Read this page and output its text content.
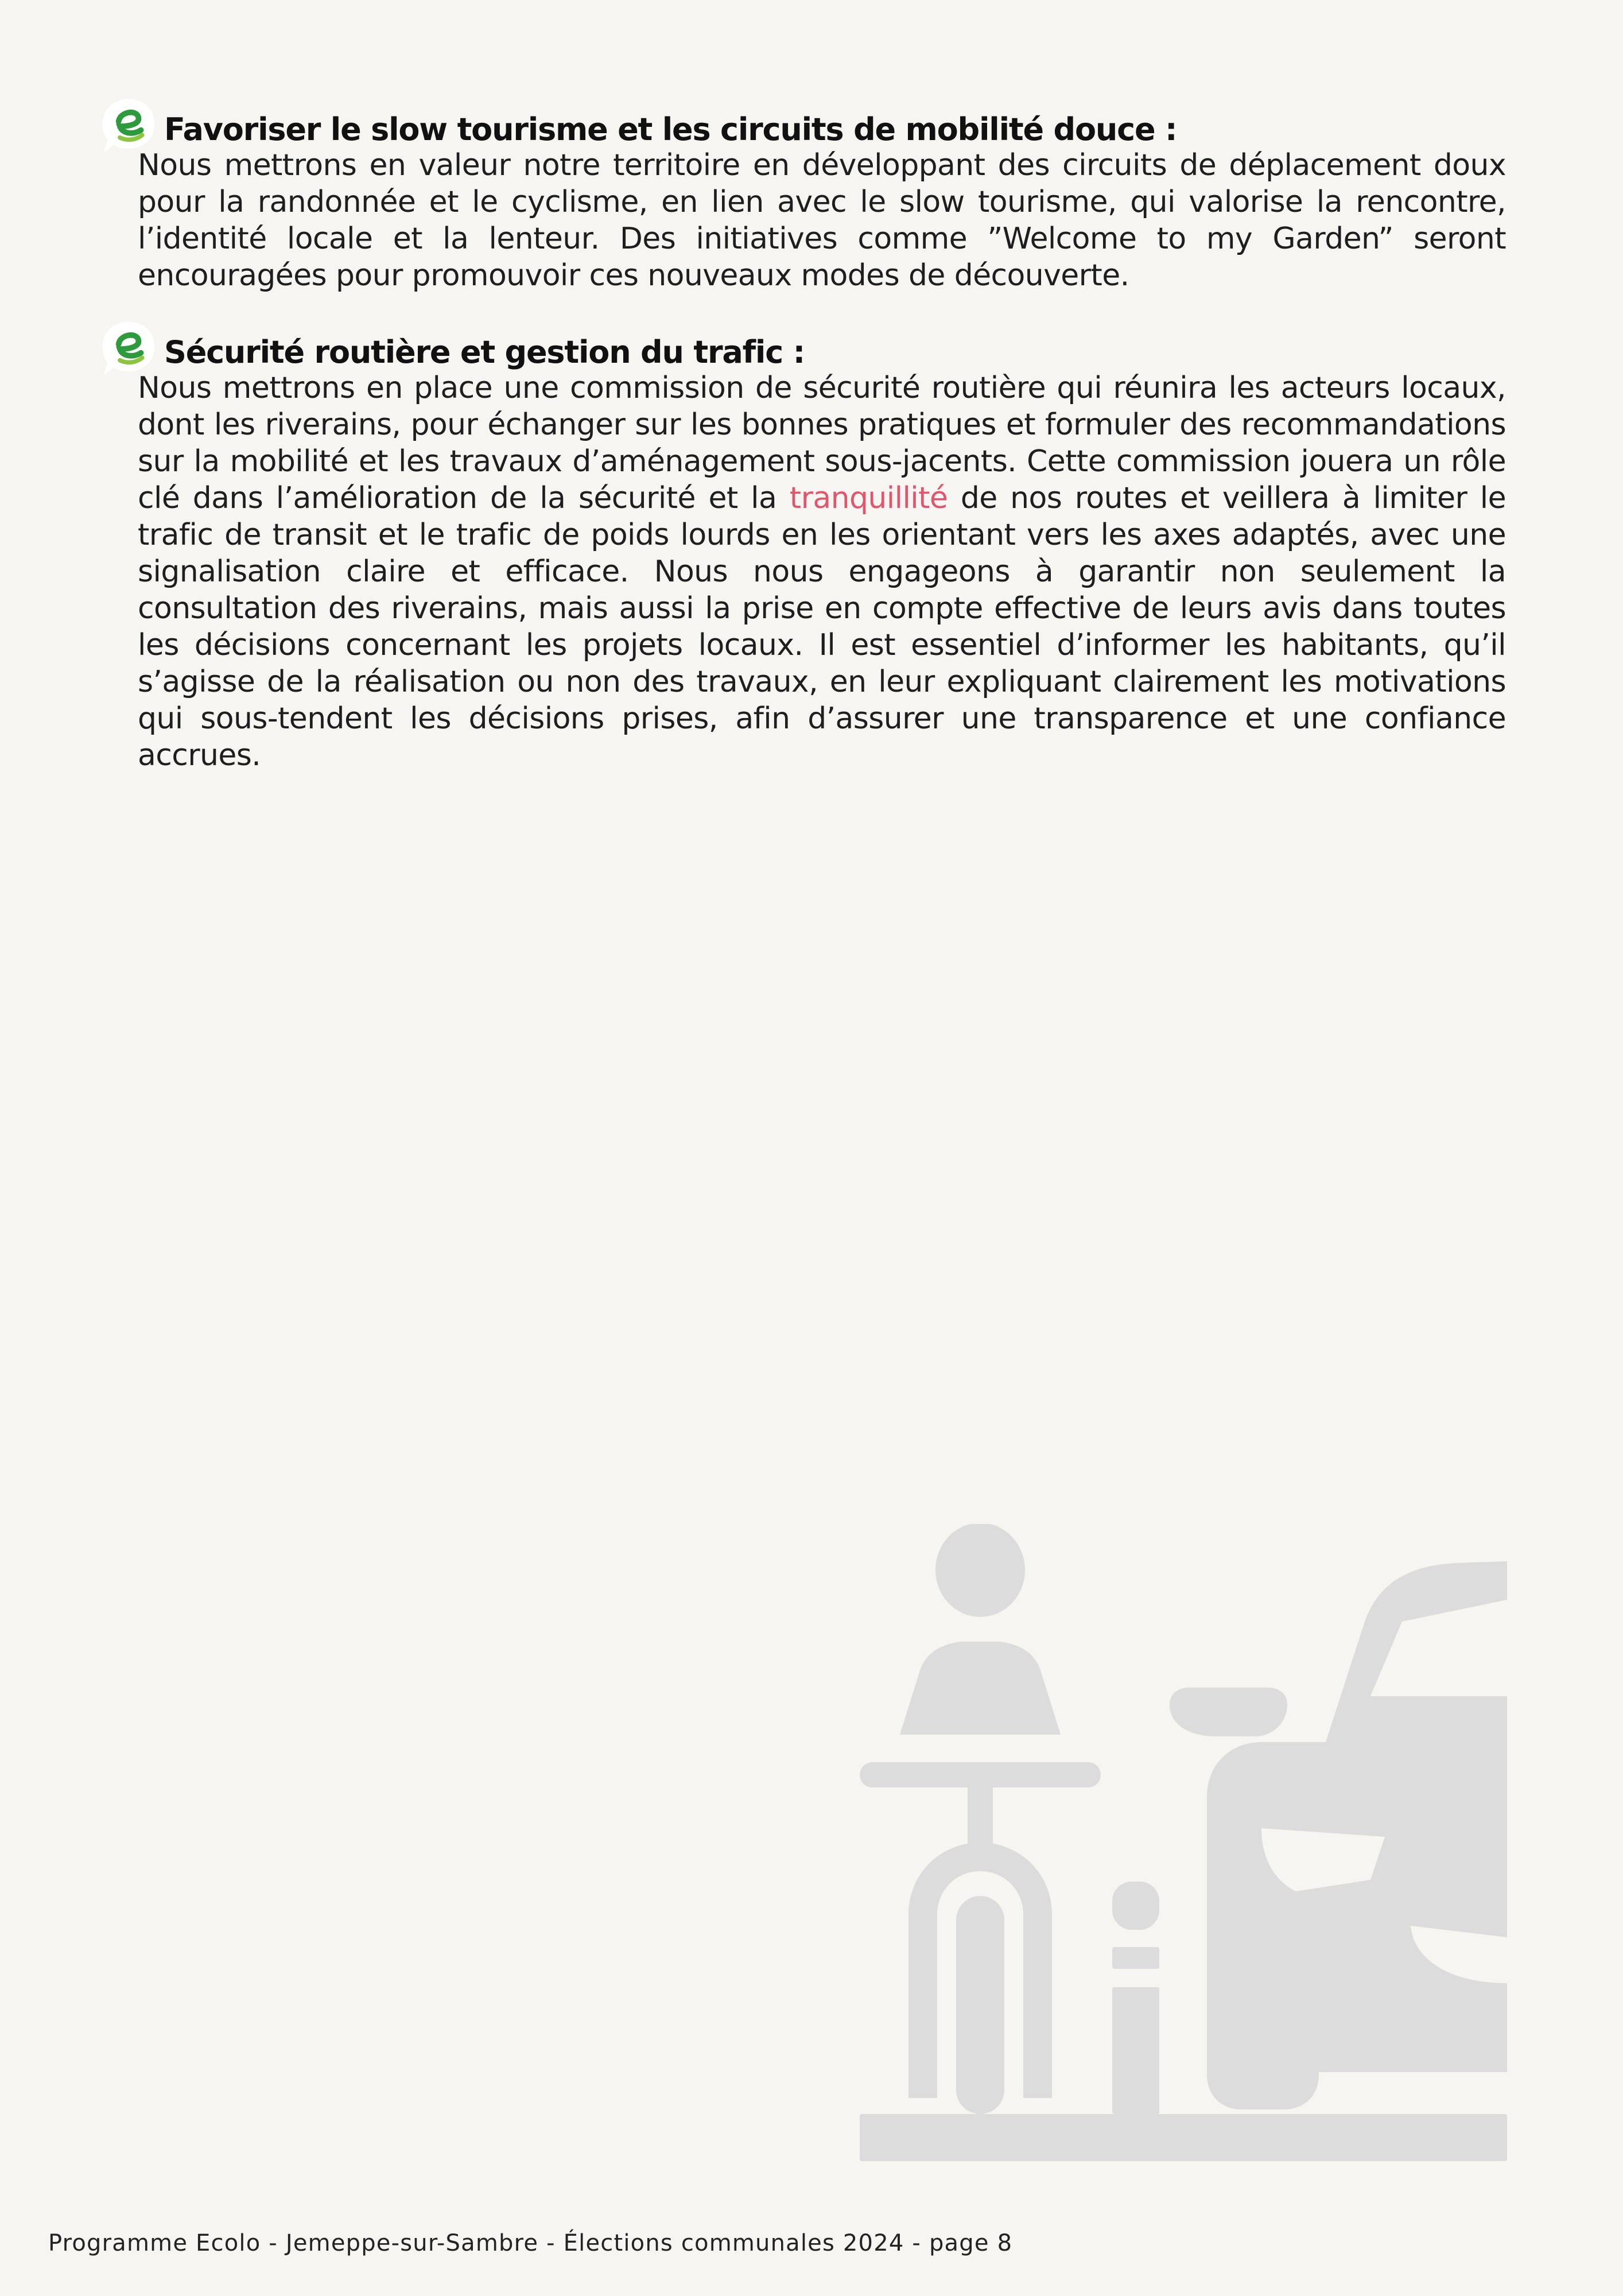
Favoriser le slow tourisme et les circuits de mobilité douce :
Nous mettrons en valeur notre territoire en développant des circuits de déplacement doux pour la randonnée et le cyclisme, en lien avec le slow tourisme, qui valorise la rencontre, l’identité locale et la lenteur. Des initiatives comme ”Welcome to my Garden” seront encouragées pour promouvoir ces nouveaux modes de découverte.
Sécurité routière et gestion du trafic :
Nous mettrons en place une commission de sécurité routière qui réunira les acteurs locaux, dont les riverains, pour échanger sur les bonnes pratiques et formuler des recommandations sur la mobilité et les travaux d’aménagement sous-jacents. Cette commission jouera un rôle clé dans l’amélioration de la sécurité et la tranquillité de nos routes et veillera à limiter le trafic de transit et le trafic de poids lourds en les orientant vers les axes adaptés, avec une signalisation claire et efficace. Nous nous engageons à garantir non seulement la consultation des riverains, mais aussi la prise en compte effective de leurs avis dans toutes les décisions concernant les projets locaux. Il est essentiel d’informer les habitants, qu’il s’agisse de la réalisation ou non des travaux, en leur expliquant clairement les motivations qui sous-tendent les décisions prises, afin d’assurer une transparence et une confiance accrues.
Programme Ecolo - Jemeppe-sur-Sambre - Élections communales 2024 - page 8
